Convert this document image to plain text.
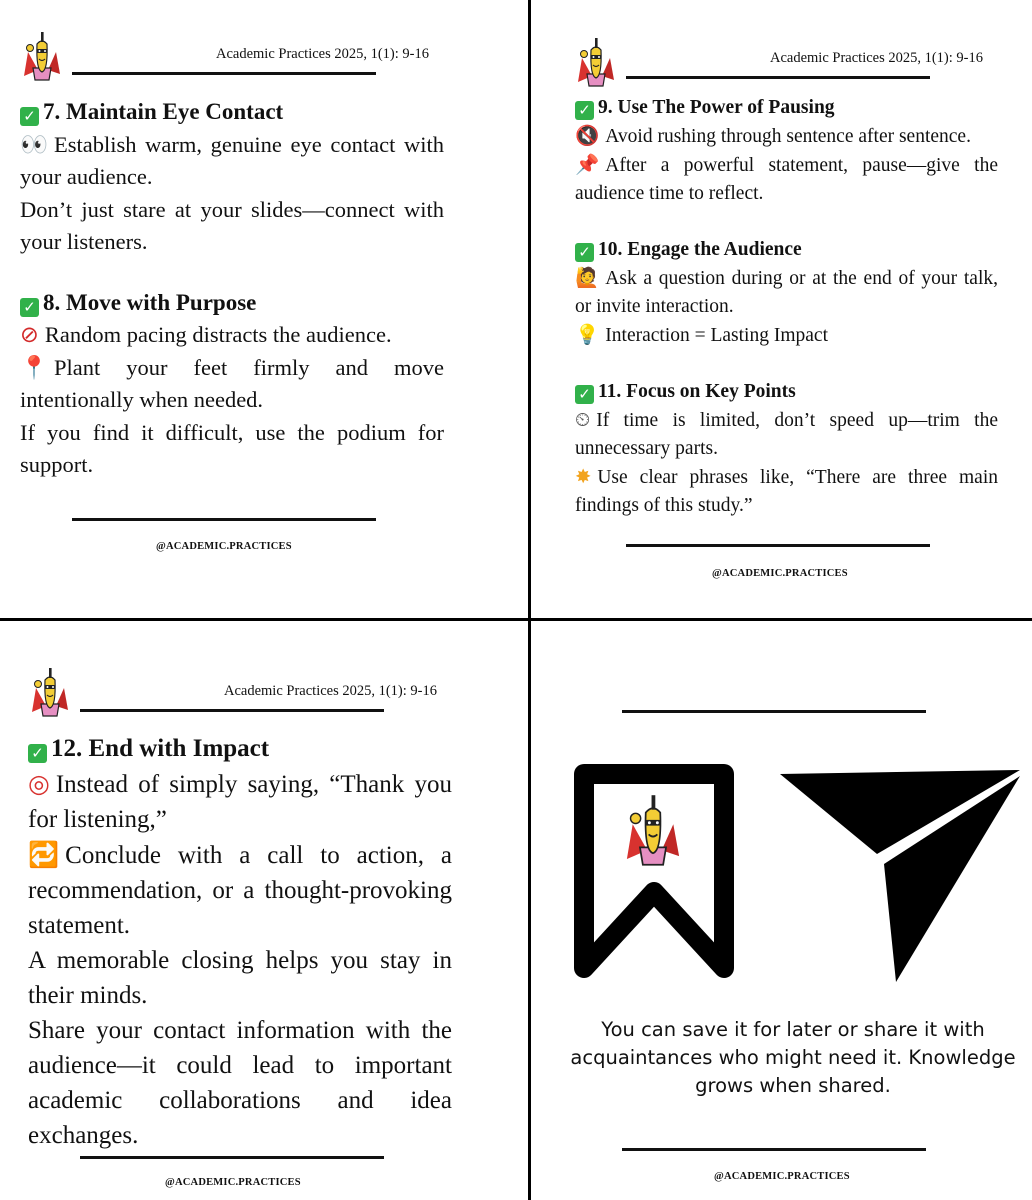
Academic Practices 2025, 1(1): 9-16

✓ 7. Maintain Eye Contact

👀 Establish warm, genuine eye contact with your audience.

Don’t just stare at your slides—connect with your listeners.

✓ 8. Move with Purpose

⊘ Random pacing distracts the audience.

📍 Plant your feet firmly and move intentionally when needed.

If you find it difficult, use the podium for support.

@ACADEMIC.PRACTICES
Academic Practices 2025, 1(1): 9-16

✓ 9. Use The Power of Pausing

🔇 Avoid rushing through sentence after sentence.

📌 After a powerful statement, pause—give the audience time to reflect.

✓ 10. Engage the Audience

🙋 Ask a question during or at the end of your talk, or invite interaction.

💡 Interaction = Lasting Impact

✓ 11. Focus on Key Points

⏲ If time is limited, don’t speed up—trim the unnecessary parts.

✸ Use clear phrases like, “There are three main findings of this study.”

@ACADEMIC.PRACTICES
Academic Practices 2025, 1(1): 9-16

✓ 12. End with Impact

◎ Instead of simply saying, “Thank you for listening,”

🔁 Conclude with a call to action, a recommendation, or a thought-provoking statement.

A memorable closing helps you stay in their minds.

Share your contact information with the audience—it could lead to important academic collaborations and idea exchanges.

@ACADEMIC.PRACTICES
You can save it for later or share it with acquaintances who might need it. Knowledge grows when shared.
@ACADEMIC.PRACTICES
